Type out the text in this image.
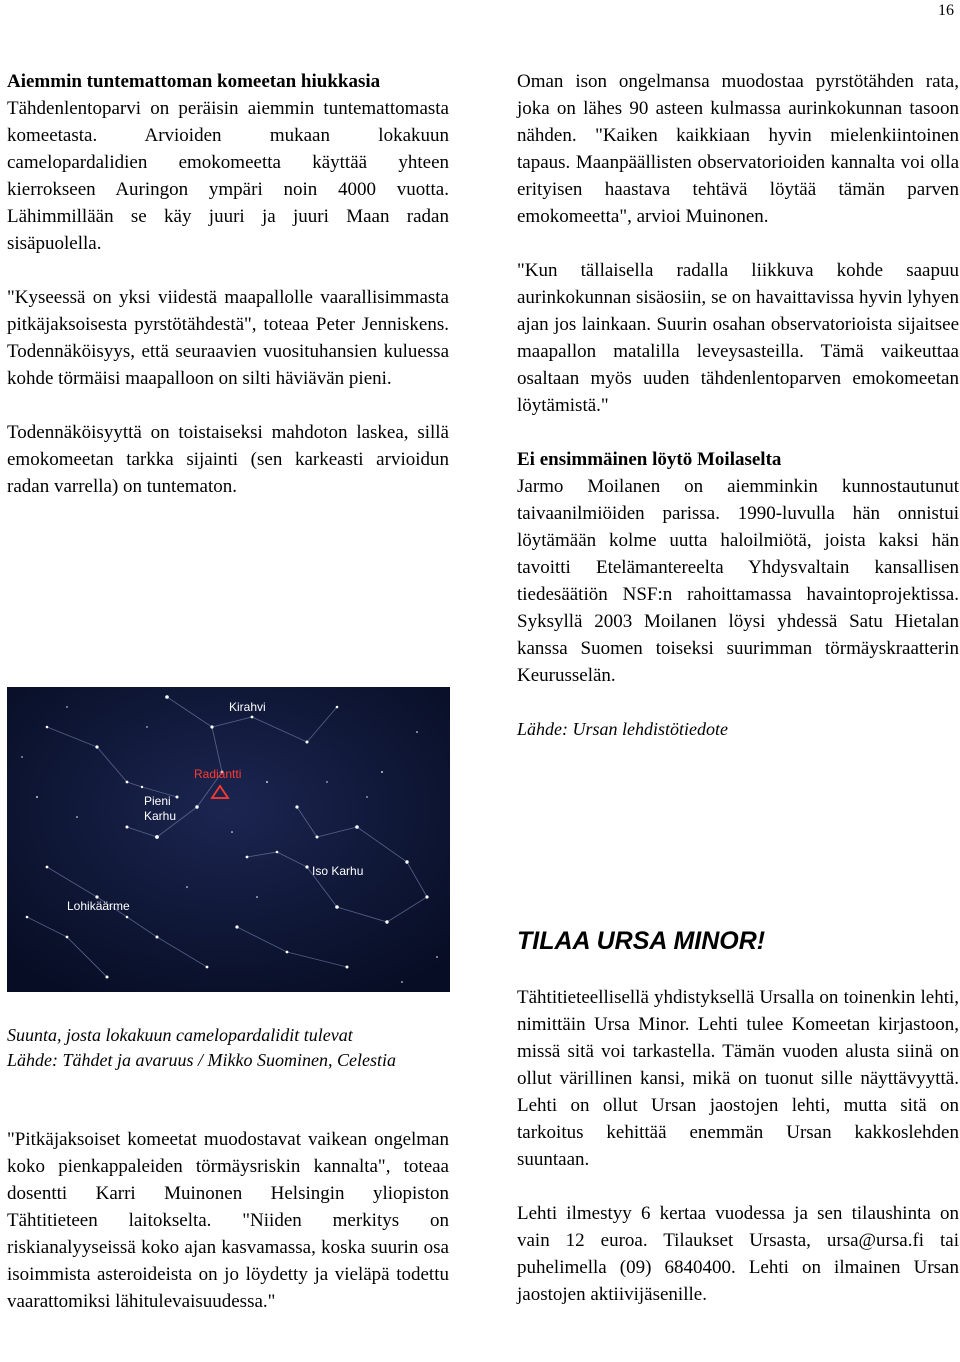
16
Aiemmin tuntemattoman komeetan hiukkasia

Tähdenlentoparvi on peräisin aiemmin tuntemattomasta komeetasta. Arvioiden mukaan lokakuun camelopardalidien emokomeetta käyttää yhteen kierrokseen Auringon ympäri noin 4000 vuotta. Lähimmillään se käy juuri ja juuri Maan radan sisäpuolella.

"Kyseessä on yksi viidestä maapallolle vaarallisimmasta pitkäjaksoisesta pyrstötähdestä", toteaa Peter Jenniskens. Todennäköisyys, että seuraavien vuosituhansien kuluessa kohde törmäisi maapalloon on silti häviävän pieni.

Todennäköisyyttä on toistaiseksi mahdoton laskea, sillä emokomeetan tarkka sijainti (sen karkeasti arvioidun radan varrella) on tuntematon.

Kirahvi
Radiantti
Pieni
Karhu
Iso Karhu
Lohikäärme

Suunta, josta lokakuun camelopardalidit tulevat

Lähde: Tähdet ja avaruus / Mikko Suominen, Celestia

"Pitkäjaksoiset komeetat muodostavat vaikean ongelman koko pienkappaleiden törmäysriskin kannalta", toteaa dosentti Karri Muinonen Helsingin yliopiston Tähtitieteen laitokselta. "Niiden merkitys on riskianalyyseissä koko ajan kasvamassa, koska suurin osa isoimmista asteroideista on jo löydetty ja vieläpä todettu vaarattomiksi lähitulevaisuudessa."

Oman ison ongelmansa muodostaa pyrstötähden rata, joka on lähes 90 asteen kulmassa aurinkokunnan tasoon nähden. "Kaiken kaikkiaan hyvin mielenkiintoinen tapaus. Maanpäällisten observatorioiden kannalta voi olla erityisen haastava tehtävä löytää tämän parven emokomeetta", arvioi Muinonen.

"Kun tällaisella radalla liikkuva kohde saapuu aurinkokunnan sisäosiin, se on havaittavissa hyvin lyhyen ajan jos lainkaan. Suurin osahan observatorioista sijaitsee maapallon matalilla leveysasteilla. Tämä vaikeuttaa osaltaan myös uuden tähdenlentoparven emokomeetan löytämistä."

Ei ensimmäinen löytö Moilaselta

Jarmo Moilanen on aiemminkin kunnostautunut taivaanilmiöiden parissa. 1990-luvulla hän onnistui löytämään kolme uutta haloilmiötä, joista kaksi hän tavoitti Etelämantereelta Yhdysvaltain kansallisen tiedesäätiön NSF:n rahoittamassa havaintoprojektissa. Syksyllä 2003 Moilanen löysi yhdessä Satu Hietalan kanssa Suomen toiseksi suurimman törmäyskraatterin Keurusselän.

Lähde: Ursan lehdistötiedote
TILAA URSA MINOR!

Tähtitieteellisellä yhdistyksellä Ursalla on toinenkin lehti, nimittäin Ursa Minor. Lehti tulee Komeetan kirjastoon, missä sitä voi tarkastella. Tämän vuoden alusta siinä on ollut värillinen kansi, mikä on tuonut sille näyttävyyttä. Lehti on ollut Ursan jaostojen lehti, mutta sitä on tarkoitus kehittää enemmän Ursan kakkoslehden suuntaan.

Lehti ilmestyy 6 kertaa vuodessa ja sen tilaushinta on vain 12 euroa. Tilaukset Ursasta, ursa@ursa.fi tai puhelimella (09) 6840400. Lehti on ilmainen Ursan jaostojen aktiivijäsenille.
